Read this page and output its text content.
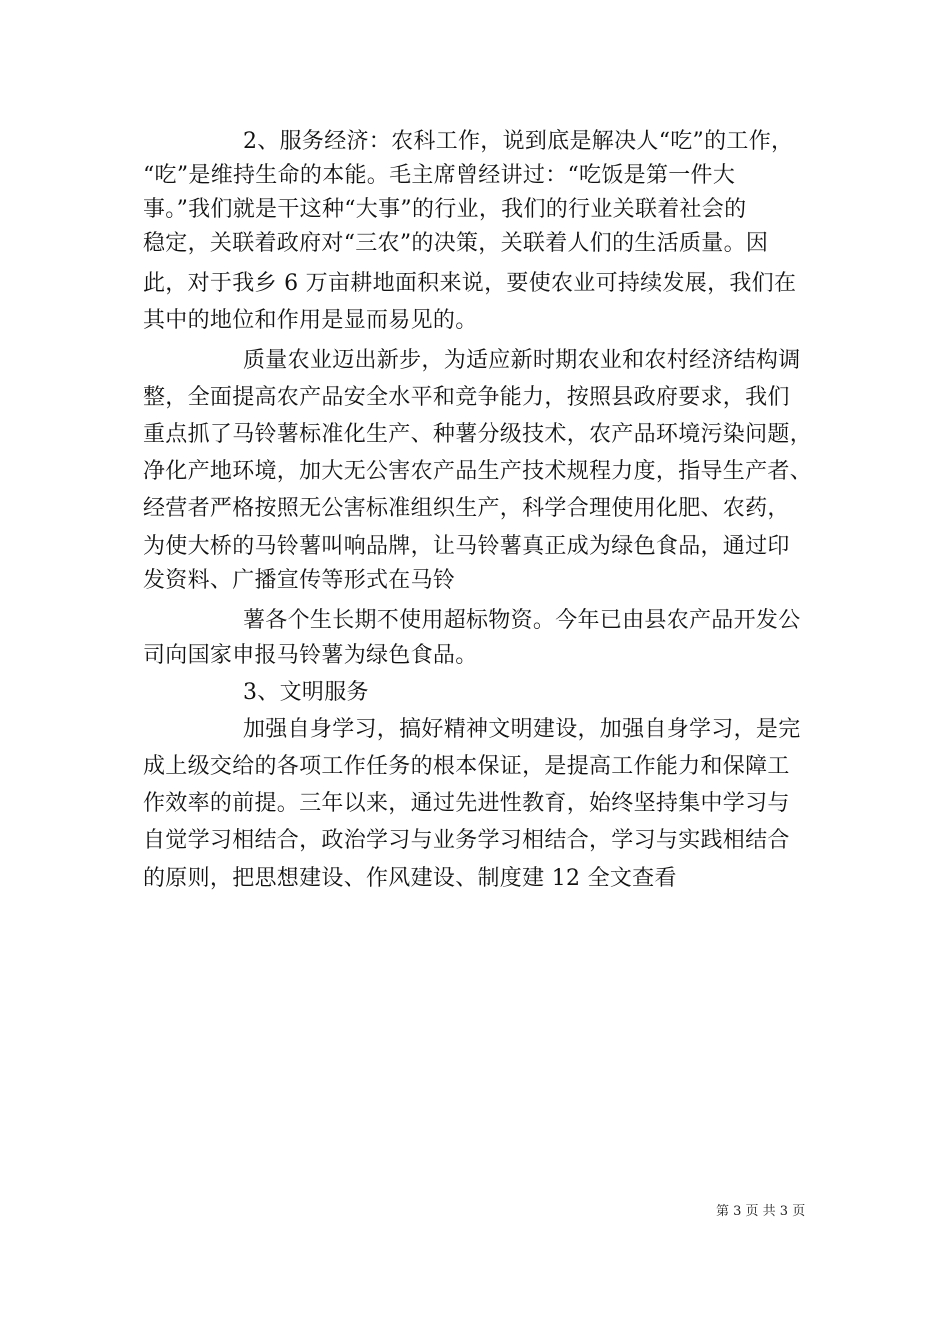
2、服务经济：农科工作，说到底是解决人“吃”的工作，
“吃”是维持生命的本能。毛主席曾经讲过：“吃饭是第一件大
事。”我们就是干这种“大事”的行业，我们的行业关联着社会的
稳定，关联着政府对“三农”的决策，关联着人们的生活质量。因
此，对于我乡 6 万亩耕地面积来说，要使农业可持续发展，我们在
其中的地位和作用是显而易见的。
质量农业迈出新步，为适应新时期农业和农村经济结构调
整，全面提高农产品安全水平和竞争能力，按照县政府要求，我们
重点抓了马铃薯标准化生产、种薯分级技术，农产品环境污染问题，
净化产地环境，加大无公害农产品生产技术规程力度，指导生产者、
经营者严格按照无公害标准组织生产，科学合理使用化肥、农药，
为使大桥的马铃薯叫响品牌，让马铃薯真正成为绿色食品，通过印
发资料、广播宣传等形式在马铃
薯各个生长期不使用超标物资。今年已由县农产品开发公
司向国家申报马铃薯为绿色食品。
3、文明服务
加强自身学习，搞好精神文明建设，加强自身学习，是完
成上级交给的各项工作任务的根本保证，是提高工作能力和保障工
作效率的前提。三年以来，通过先进性教育，始终坚持集中学习与
自觉学习相结合，政治学习与业务学习相结合，学习与实践相结合
的原则，把思想建设、作风建设、制度建 12 全文查看
第 3 页 共 3 页
